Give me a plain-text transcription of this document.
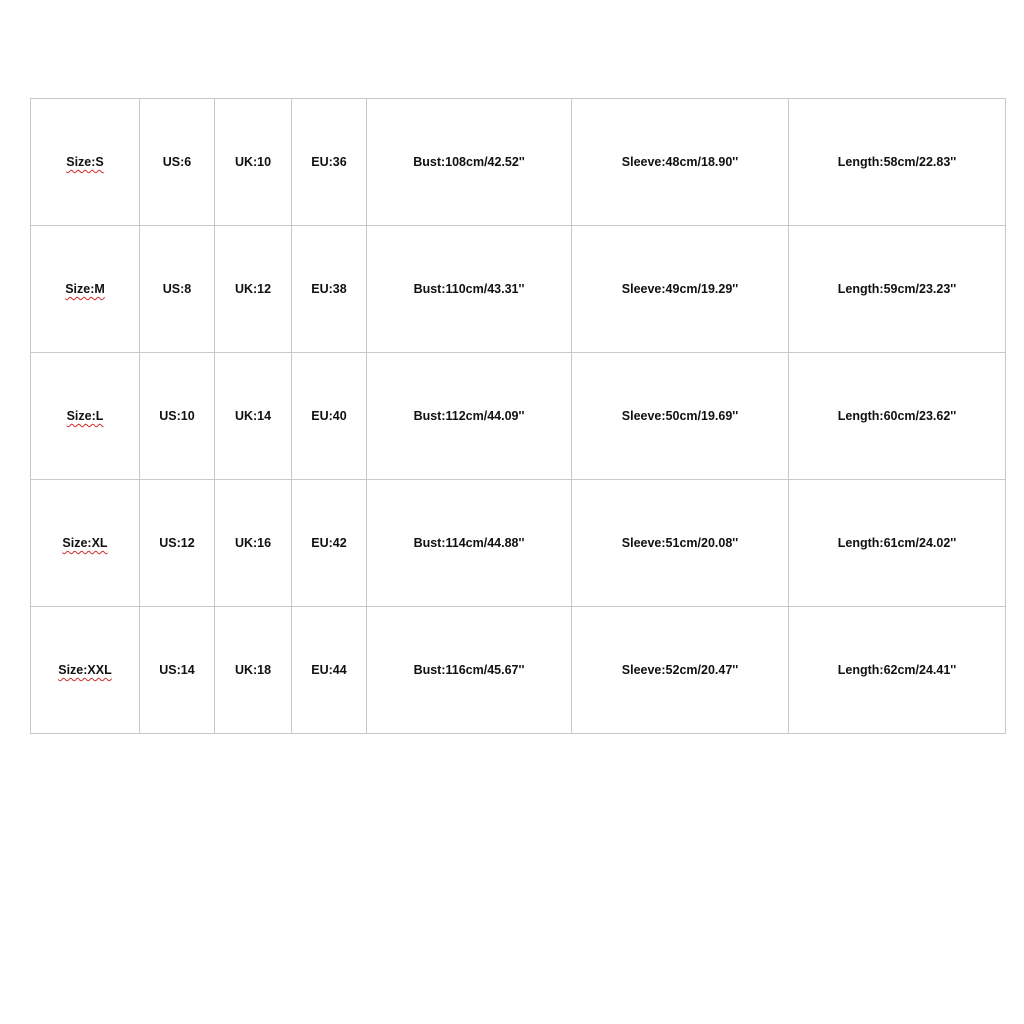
Size:S	US:6	UK:10	EU:36	Bust:108cm/42.52''	Sleeve:48cm/18.90''	Length:58cm/22.83''
Size:M	US:8	UK:12	EU:38	Bust:110cm/43.31''	Sleeve:49cm/19.29''	Length:59cm/23.23''
Size:L	US:10	UK:14	EU:40	Bust:112cm/44.09''	Sleeve:50cm/19.69''	Length:60cm/23.62''
Size:XL	US:12	UK:16	EU:42	Bust:114cm/44.88''	Sleeve:51cm/20.08''	Length:61cm/24.02''
Size:XXL	US:14	UK:18	EU:44	Bust:116cm/45.67''	Sleeve:52cm/20.47''	Length:62cm/24.41''
